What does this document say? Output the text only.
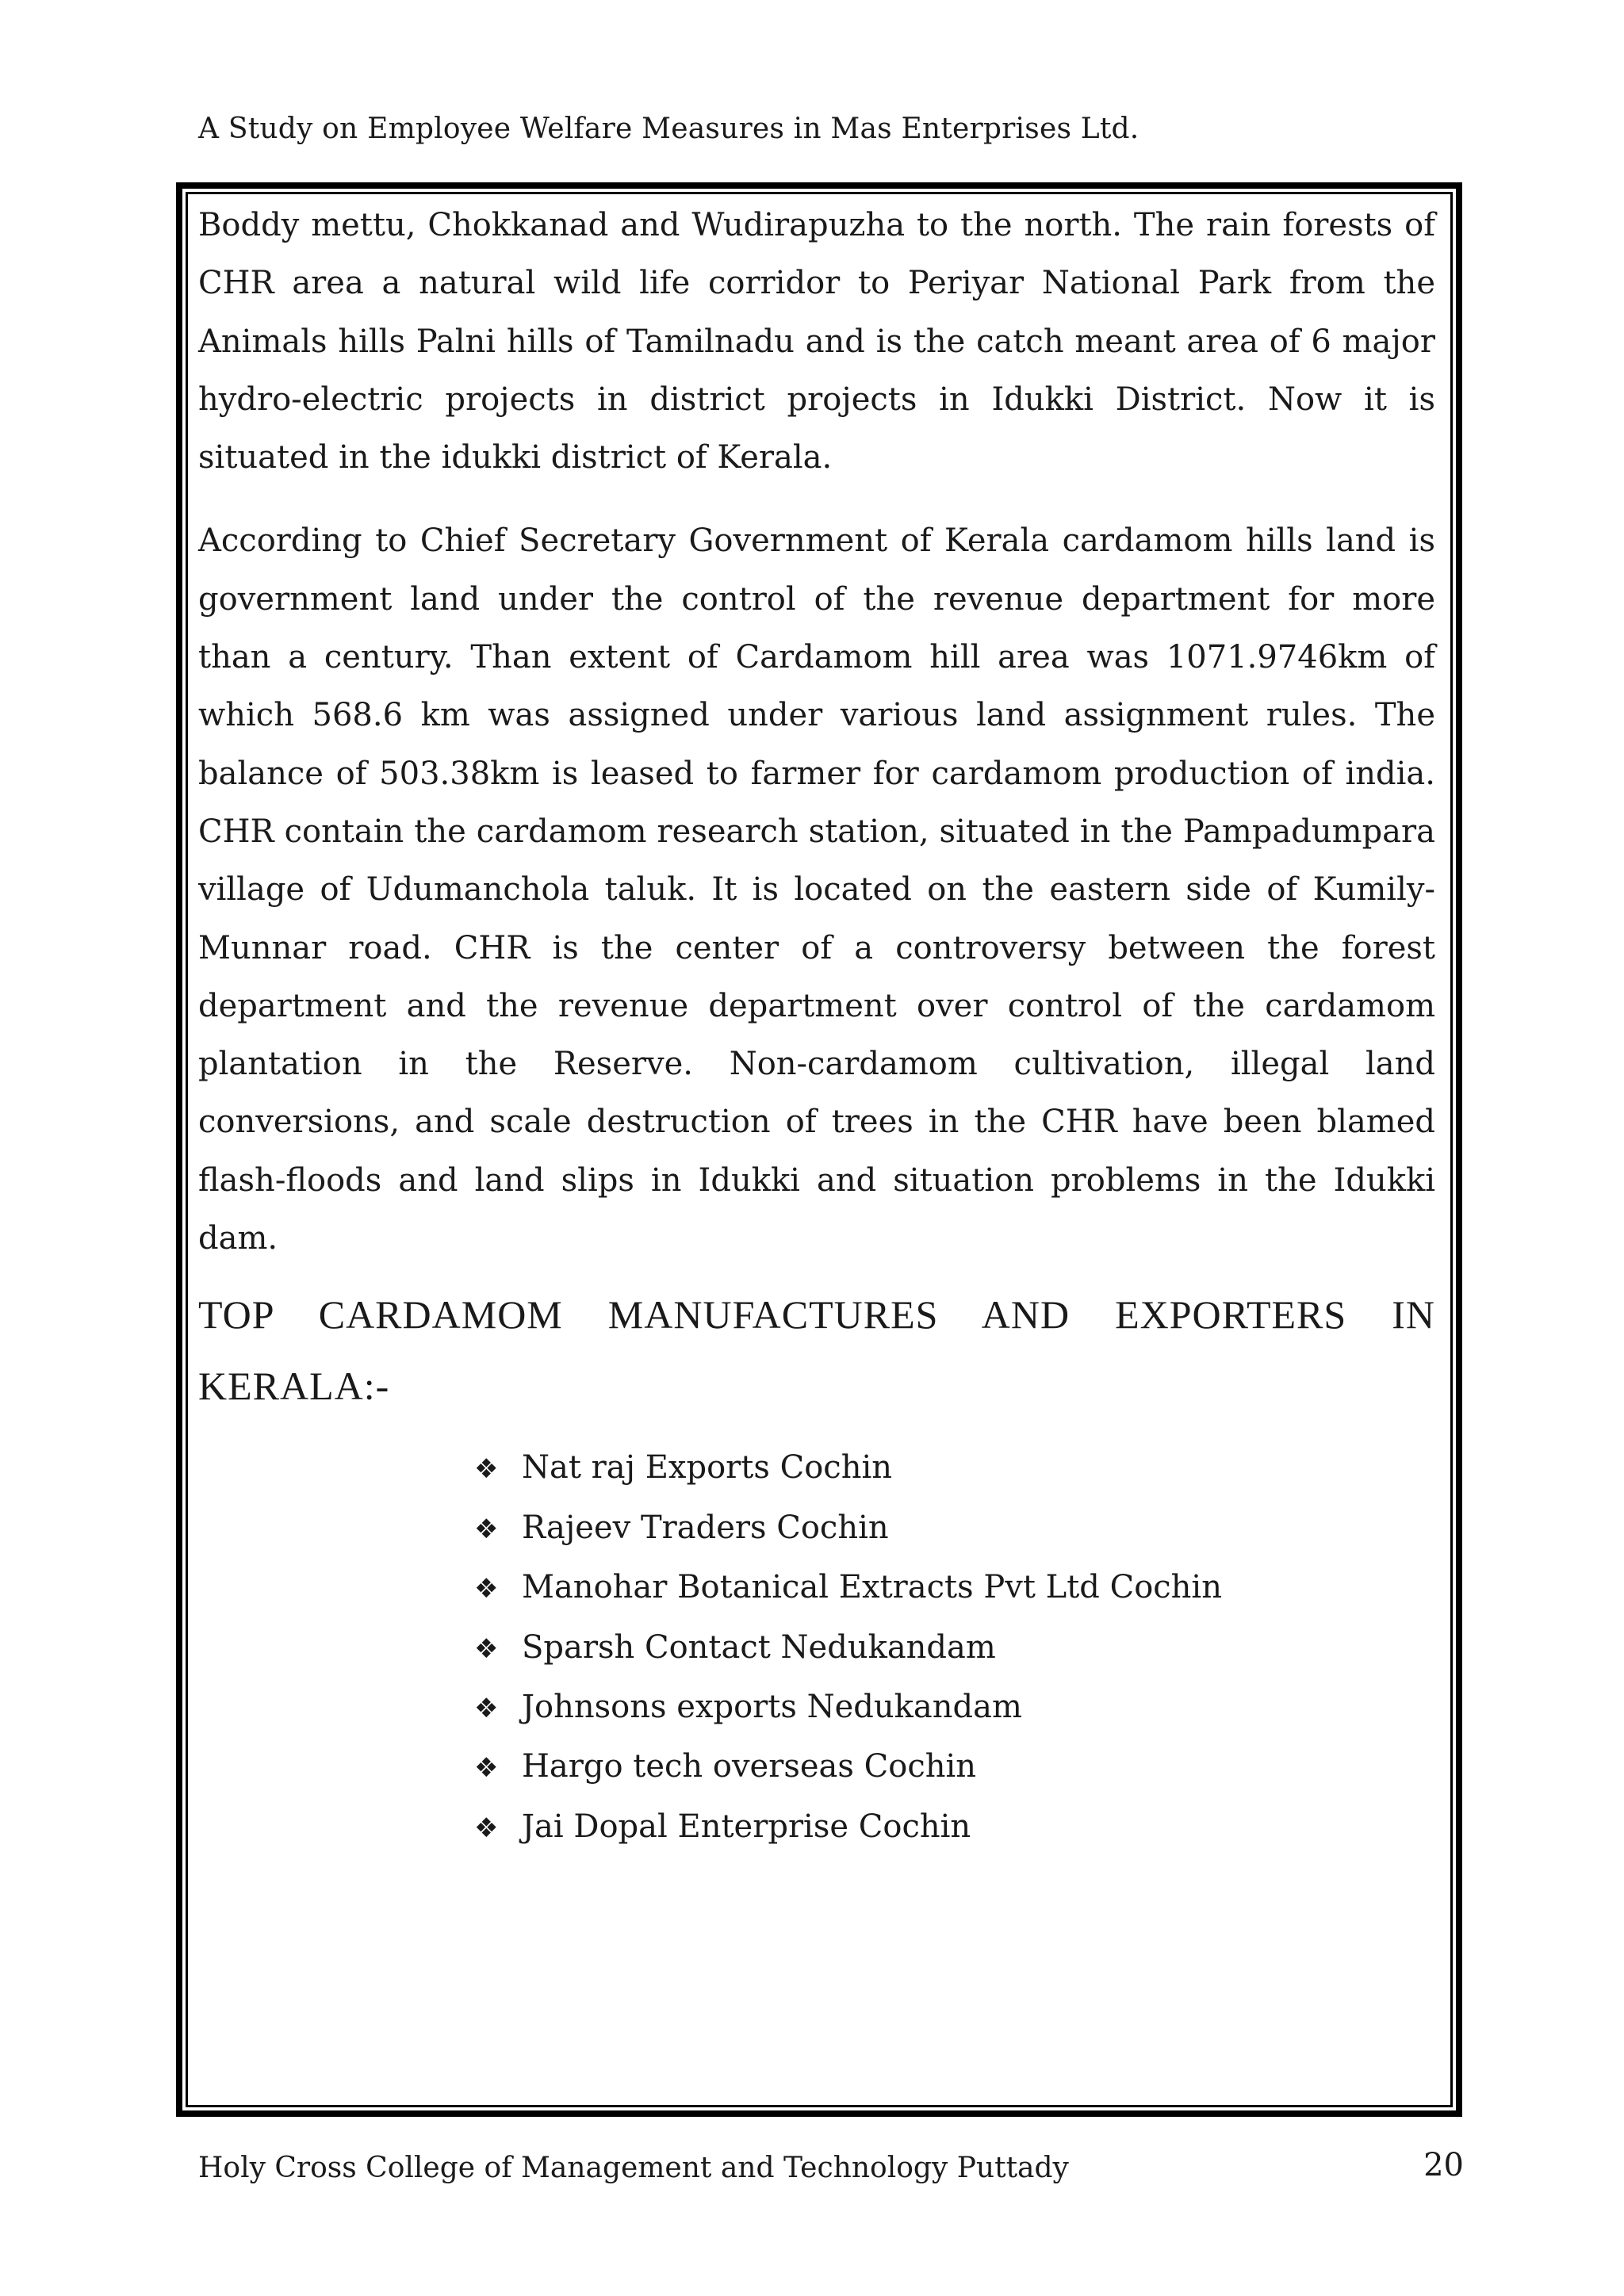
A Study on Employee Welfare Measures in Mas Enterprises Ltd.

Boddy mettu, Chokkanad and Wudirapuzha to the north. The rain forests of CHR area a natural wild life corridor to Periyar National Park from the Animals hills Palni hills of Tamilnadu and is the catch meant area of 6 major hydro-electric projects in district projects in Idukki District. Now it is situated in the idukki district of Kerala.

According to Chief Secretary Government of Kerala cardamom hills land is government land under the control of the revenue department for more than a century. Than extent of Cardamom hill area was 1071.9746km of which 568.6 km was assigned under various land assignment rules. The balance of 503.38km is leased to farmer for cardamom production of india. CHR contain the cardamom research station, situated in the Pampadumpara village of Udumanchola taluk. It is located on the eastern side of Kumily-Munnar road. CHR is the center of a controversy between the forest department and the revenue department over control of the cardamom plantation in the Reserve. Non-cardamom cultivation, illegal land conversions, and scale destruction of trees in the CHR have been blamed flash-floods and land slips in Idukki and situation problems in the Idukki dam.

TOP CARDAMOM MANUFACTURES AND EXPORTERS IN KERALA:-
❖ Nat raj Exports Cochin
❖ Rajeev Traders Cochin
❖ Manohar Botanical Extracts Pvt Ltd Cochin
❖ Sparsh Contact Nedukandam
❖ Johnsons exports Nedukandam
❖ Hargo tech overseas Cochin
❖ Jai Dopal Enterprise Cochin
Holy Cross College of Management and Technology Puttady	20
